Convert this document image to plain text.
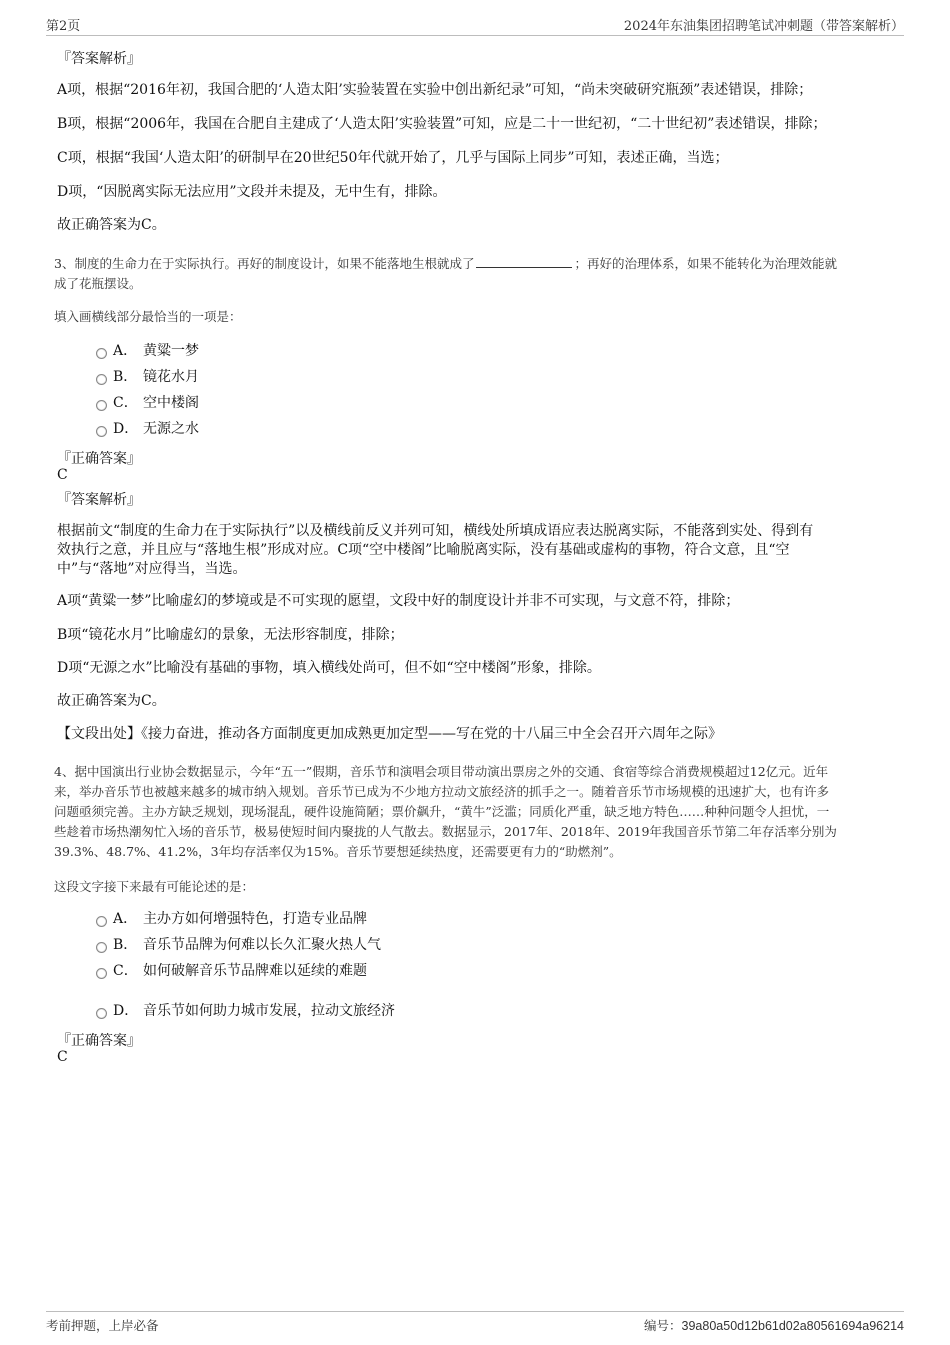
第2页	2024年东油集团招聘笔试冲刺题（带答案解析）
『答案解析』
A项，根据“2016年初，我国合肥的‘人造太阳’实验装置在实验中创出新纪录”可知，“尚未突破研究瓶颈”表述错误，排除；
B项，根据“2006年，我国在合肥自主建成了‘人造太阳’实验装置”可知，应是二十一世纪初，“二十世纪初”表述错误，排除；
C项，根据“我国‘人造太阳’的研制早在20世纪50年代就开始了，几乎与国际上同步”可知，表述正确，当选；
D项，“因脱离实际无法应用”文段并未提及，无中生有，排除。
故正确答案为C。
3、制度的生命力在于实际执行。再好的制度设计，如果不能落地生根就成了	；再好的治理体系，如果不能转化为治理效能就
成了花瓶摆设。
填入画横线部分最恰当的一项是：
A． 黄粱一梦
B． 镜花水月
C． 空中楼阁
D． 无源之水
『正确答案』
C
『答案解析』
根据前文“制度的生命力在于实际执行”以及横线前反义并列可知，横线处所填成语应表达脱离实际，不能落到实处、得到有
效执行之意，并且应与“落地生根”形成对应。C项“空中楼阁”比喻脱离实际，没有基础或虚构的事物，符合文意，且“空
中”与“落地”对应得当，当选。
A项“黄粱一梦”比喻虚幻的梦境或是不可实现的愿望，文段中好的制度设计并非不可实现，与文意不符，排除；
B项“镜花水月”比喻虚幻的景象，无法形容制度，排除；
D项“无源之水”比喻没有基础的事物，填入横线处尚可，但不如“空中楼阁”形象，排除。
故正确答案为C。
【文段出处】《接力奋进，推动各方面制度更加成熟更加定型——写在党的十八届三中全会召开六周年之际》
4、据中国演出行业协会数据显示，今年“五一”假期，音乐节和演唱会项目带动演出票房之外的交通、食宿等综合消费规模超过12亿元。近年
来，举办音乐节也被越来越多的城市纳入规划。音乐节已成为不少地方拉动文旅经济的抓手之一。随着音乐节市场规模的迅速扩大，也有许多
问题亟须完善。主办方缺乏规划，现场混乱，硬件设施简陋；票价飙升，“黄牛”泛滥；同质化严重，缺乏地方特色……种种问题令人担忧，一
些趁着市场热潮匆忙入场的音乐节，极易使短时间内聚拢的人气散去。数据显示，2017年、2018年、2019年我国音乐节第二年存活率分别为
39.3%、48.7%、41.2%，3年均存活率仅为15%。音乐节要想延续热度，还需要更有力的“助燃剂”。
这段文字接下来最有可能论述的是：
A． 主办方如何增强特色，打造专业品牌
B． 音乐节品牌为何难以长久汇聚火热人气
C． 如何破解音乐节品牌难以延续的难题
D． 音乐节如何助力城市发展，拉动文旅经济
『正确答案』
C
考前押题，上岸必备	编号：39a80a50d12b61d02a80561694a96214
